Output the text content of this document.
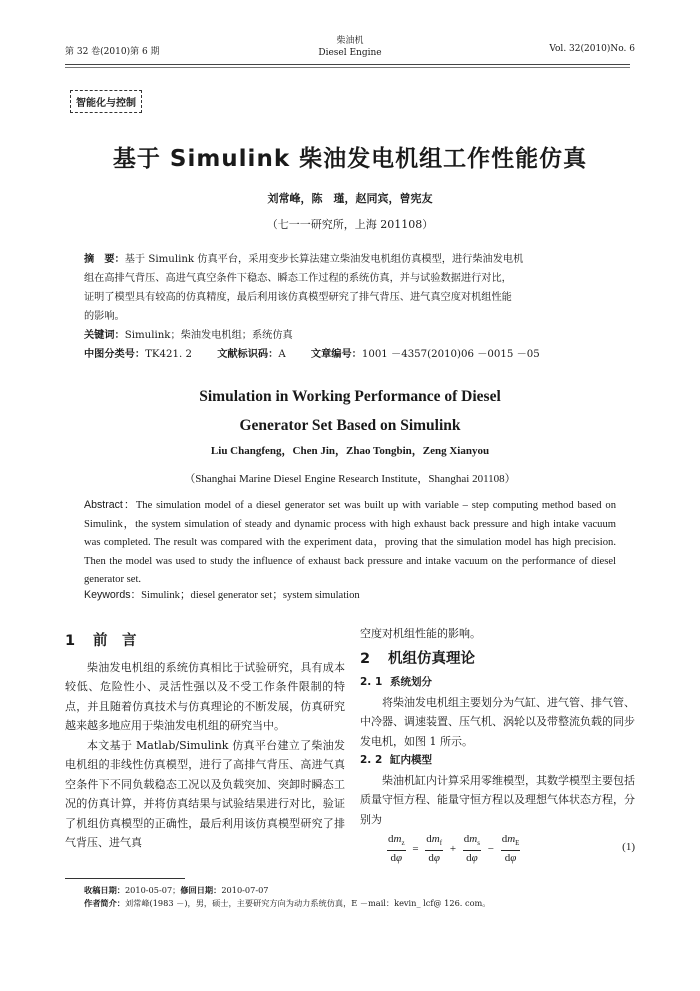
第 32 卷(2010)第 6 期
柴油机
Diesel Engine	Vol. 32(2010)No. 6
智能化与控制
基于 Simulink 柴油发电机组工作性能仿真
刘常峰，陈　瑾，赵同宾，曾宪友
（七一一研究所，上海 201108）
摘　要：基于 Simulink 仿真平台，采用变步长算法建立柴油发电机组仿真模型，进行柴油发电机
组在高排气背压、高进气真空条件下稳态、瞬态工作过程的系统仿真，并与试验数据进行对比，
证明了模型具有较高的仿真精度，最后利用该仿真模型研究了排气背压、进气真空度对机组性能
的影响。
关键词：Simulink；柴油发电机组；系统仿真
中图分类号：TK421. 2 文献标识码：A 文章编号：1001 －4357(2010)06 －0015 －05
Simulation in Working Performance of Diesel
Generator Set Based on Simulink
Liu Changfeng，Chen Jin，Zhao Tongbin，Zeng Xianyou
（Shanghai Marine Diesel Engine Research Institute，Shanghai 201108）
Abstract：The simulation model of a diesel generator set was built up with variable – step computing method based on Simulink，the system simulation of steady and dynamic process with high exhaust back pressure and high intake vacuum was completed. The result was compared with the experiment data，proving that the simulation model has high precision. Then the model was used to study the influence of exhaust back pressure and intake vacuum on the performance of diesel generator set.
Keywords：Simulink；diesel generator set；system simulation
1 前　言
柴油发电机组的系统仿真相比于试验研究，具有成本较低、危险性小、灵活性强以及不受工作条件限制的特点，并且随着仿真技术与仿真理论的不断发展，仿真研究越来越多地应用于柴油发电机组的研究当中。
本文基于 Matlab/Simulink 仿真平台建立了柴油发电机组的非线性仿真模型，进行了高排气背压、高进气真空条件下不同负载稳态工况以及负载突加、突卸时瞬态工况的仿真计算，并将仿真结果与试验结果进行对比，验证了机组仿真模型的正确性，最后利用该仿真模型研究了排气背压、进气真
空度对机组性能的影响。
2 机组仿真理论
2. 1 系统划分
将柴油发电机组主要划分为气缸、进气管、排气管、中冷器、调速装置、压气机、涡轮以及带整流负载的同步发电机，如图 1 所示。
2. 2 缸内模型
柴油机缸内计算采用零维模型，其数学模型主要包括质量守恒方程、能量守恒方程以及理想气体状态方程，分别为
$\frac{dm_z}{d\varphi} = \frac{dm_f}{d\varphi} + \frac{dm_s}{d\varphi} - \frac{dm_E}{d\varphi}$	(1)
收稿日期：2010-05-07；修回日期：2010-07-07
作者简介：刘常峰(1983 －)，男，硕士，主要研究方向为动力系统仿真，E －mail：kevin_ lcf@ 126. com。
